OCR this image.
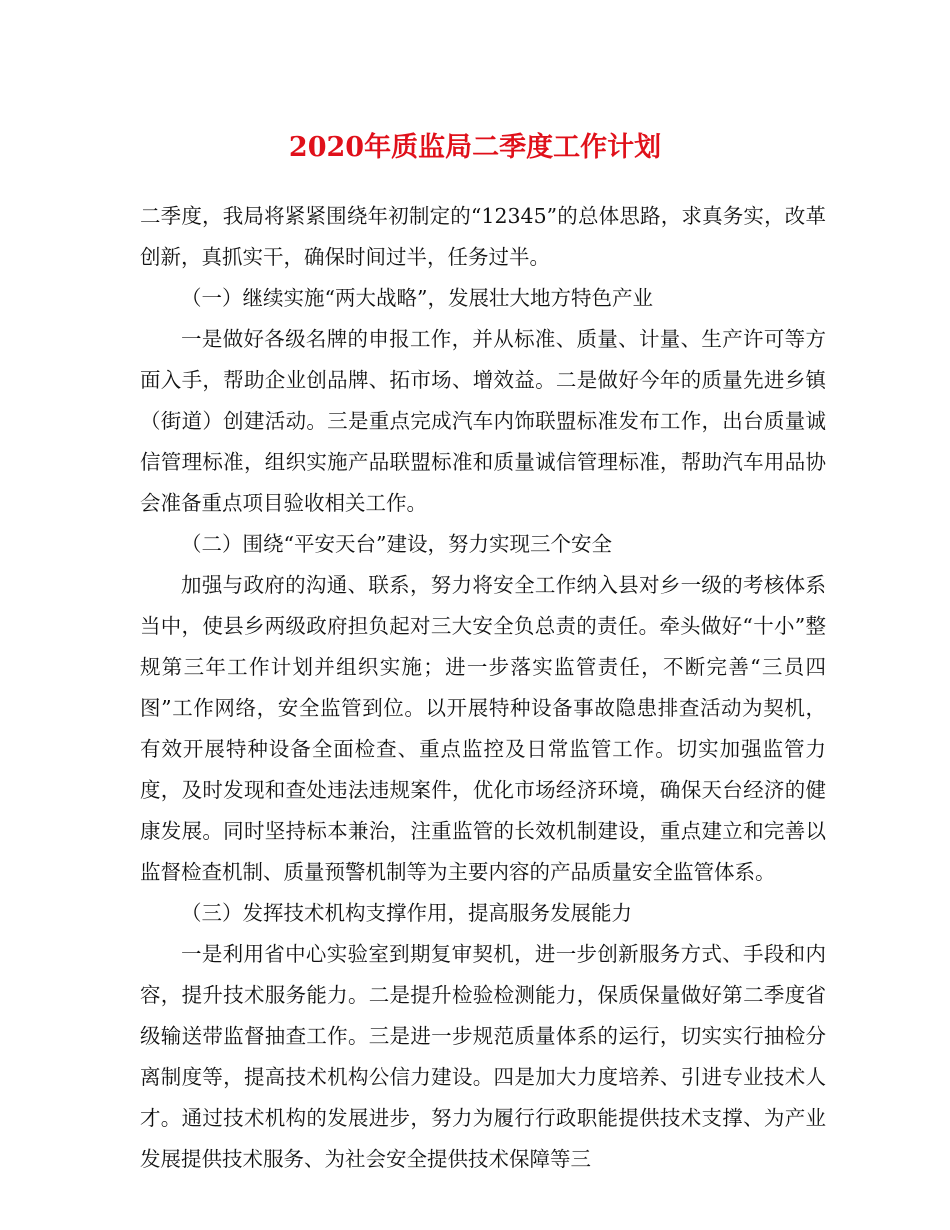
2020年质监局二季度工作计划

二季度，我局将紧紧围绕年初制定的“12345”的总体思路，求真务实，改革创新，真抓实干，确保时间过半，任务过半。

（一）继续实施“两大战略”，发展壮大地方特色产业

一是做好各级名牌的申报工作，并从标准、质量、计量、生产许可等方面入手，帮助企业创品牌、拓市场、增效益。二是做好今年的质量先进乡镇（街道）创建活动。三是重点完成汽车内饰联盟标准发布工作，出台质量诚信管理标准，组织实施产品联盟标准和质量诚信管理标准，帮助汽车用品协会准备重点项目验收相关工作。

（二）围绕“平安天台”建设，努力实现三个安全

加强与政府的沟通、联系，努力将安全工作纳入县对乡一级的考核体系当中，使县乡两级政府担负起对三大安全负总责的责任。牵头做好“十小”整规第三年工作计划并组织实施；进一步落实监管责任，不断完善“三员四图”工作网络，安全监管到位。以开展特种设备事故隐患排查活动为契机，有效开展特种设备全面检查、重点监控及日常监管工作。切实加强监管力度，及时发现和查处违法违规案件，优化市场经济环境，确保天台经济的健康发展。同时坚持标本兼治，注重监管的长效机制建设，重点建立和完善以监督检查机制、质量预警机制等为主要内容的产品质量安全监管体系。

（三）发挥技术机构支撑作用，提高服务发展能力

一是利用省中心实验室到期复审契机，进一步创新服务方式、手段和内容，提升技术服务能力。二是提升检验检测能力，保质保量做好第二季度省级输送带监督抽查工作。三是进一步规范质量体系的运行，切实实行抽检分离制度等，提高技术机构公信力建设。四是加大力度培养、引进专业技术人才。通过技术机构的发展进步，努力为履行行政职能提供技术支撑、为产业发展提供技术服务、为社会安全提供技术保障等三
